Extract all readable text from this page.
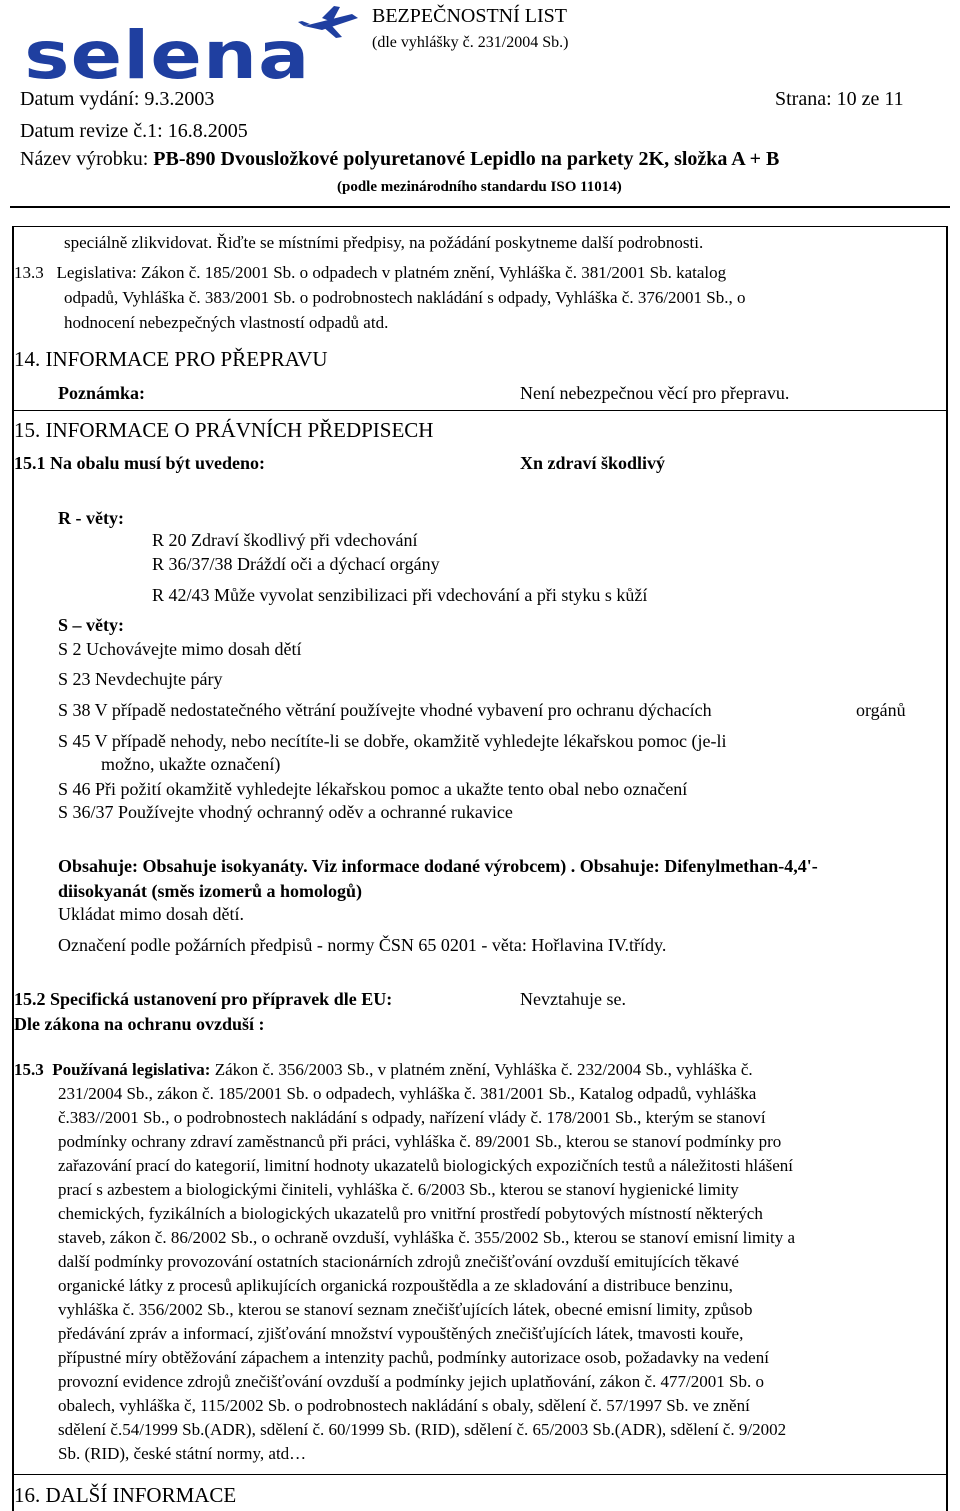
selena
BEZPEČNOSTNÍ LIST
(dle vyhlášky č. 231/2004 Sb.)
Datum vydání: 9.3.2003	Strana: 10 ze 11
Datum revize č.1: 16.8.2005
Název výrobku: PB-890 Dvousložkové polyuretanové Lepidlo na parkety 2K, složka A + B
(podle mezinárodního standardu ISO 11014)
speciálně zlikvidovat. Řiďte se místními předpisy, na požádání poskytneme další podrobnosti.
13.3 Legislativa: Zákon č. 185/2001 Sb. o odpadech v platném znění, Vyhláška č. 381/2001 Sb. katalog
odpadů, Vyhláška č. 383/2001 Sb. o podrobnostech nakládání s odpady, Vyhláška č. 376/2001 Sb., o
hodnocení nebezpečných vlastností odpadů atd.
14. INFORMACE PRO PŘEPRAVU
Poznámka:	Není nebezpečnou věcí pro přepravu.
15. INFORMACE O PRÁVNÍCH PŘEDPISECH
15.1 Na obalu musí být uvedeno:	Xn zdraví škodlivý
R - věty:
R 20 Zdraví škodlivý při vdechování
R 36/37/38 Dráždí oči a dýchací orgány
R 42/43 Může vyvolat senzibilizaci při vdechování a při styku s kůží
S – věty:
S 2 Uchovávejte mimo dosah dětí
S 23 Nevdechujte páry
S 38 V případě nedostatečného větrání používejte vhodné vybavení pro ochranu dýchacích	orgánů
S 45 V případě nehody, nebo necítíte-li se dobře, okamžitě vyhledejte lékařskou pomoc (je-li
možno, ukažte označení)
S 46 Při požití okamžitě vyhledejte lékařskou pomoc a ukažte tento obal nebo označení
S 36/37 Používejte vhodný ochranný oděv a ochranné rukavice
Obsahuje: Obsahuje isokyanáty. Viz informace dodané výrobcem) . Obsahuje: Difenylmethan-4,4'-
diisokyanát (směs izomerů a homologů)
Ukládat mimo dosah dětí.
Označení podle požárních předpisů - normy ČSN 65 0201 - věta: Hořlavina IV.třídy.
15.2 Specifická ustanovení pro přípravek dle EU:	Nevztahuje se.
Dle zákona na ochranu ovzduší :
15.3 Používaná legislativa: Zákon č. 356/2003 Sb., v platném znění, Vyhláška č. 232/2004 Sb., vyhláška č.
231/2004 Sb., zákon č. 185/2001 Sb. o odpadech, vyhláška č. 381/2001 Sb., Katalog odpadů, vyhláška
č.383//2001 Sb., o podrobnostech nakládání s odpady, nařízení vlády č. 178/2001 Sb., kterým se stanoví
podmínky ochrany zdraví zaměstnanců při práci, vyhláška č. 89/2001 Sb., kterou se stanoví podmínky pro
zařazování prací do kategorií, limitní hodnoty ukazatelů biologických expozičních testů a náležitosti hlášení
prací s azbestem a biologickými činiteli, vyhláška č. 6/2003 Sb., kterou se stanoví hygienické limity
chemických, fyzikálních a biologických ukazatelů pro vnitřní prostředí pobytových místností některých
staveb, zákon č. 86/2002 Sb., o ochraně ovzduší, vyhláška č. 355/2002 Sb., kterou se stanoví emisní limity a
další podmínky provozování ostatních stacionárních zdrojů znečišťování ovzduší emitujících těkavé
organické látky z procesů aplikujících organická rozpouštědla a ze skladování a distribuce benzinu,
vyhláška č. 356/2002 Sb., kterou se stanoví seznam znečišťujících látek, obecné emisní limity, způsob
předávání zpráv a informací, zjišťování množství vypouštěných znečišťujících látek, tmavosti kouře,
přípustné míry obtěžování zápachem a intenzity pachů, podmínky autorizace osob, požadavky na vedení
provozní evidence zdrojů znečišťování ovzduší a podmínky jejich uplatňování, zákon č. 477/2001 Sb. o
obalech, vyhláška č, 115/2002 Sb. o podrobnostech nakládání s obaly, sdělení č. 57/1997 Sb. ve znění
sdělení č.54/1999 Sb.(ADR), sdělení č. 60/1999 Sb. (RID), sdělení č. 65/2003 Sb.(ADR), sdělení č. 9/2002
Sb. (RID), české státní normy, atd…
16. DALŠÍ INFORMACE
